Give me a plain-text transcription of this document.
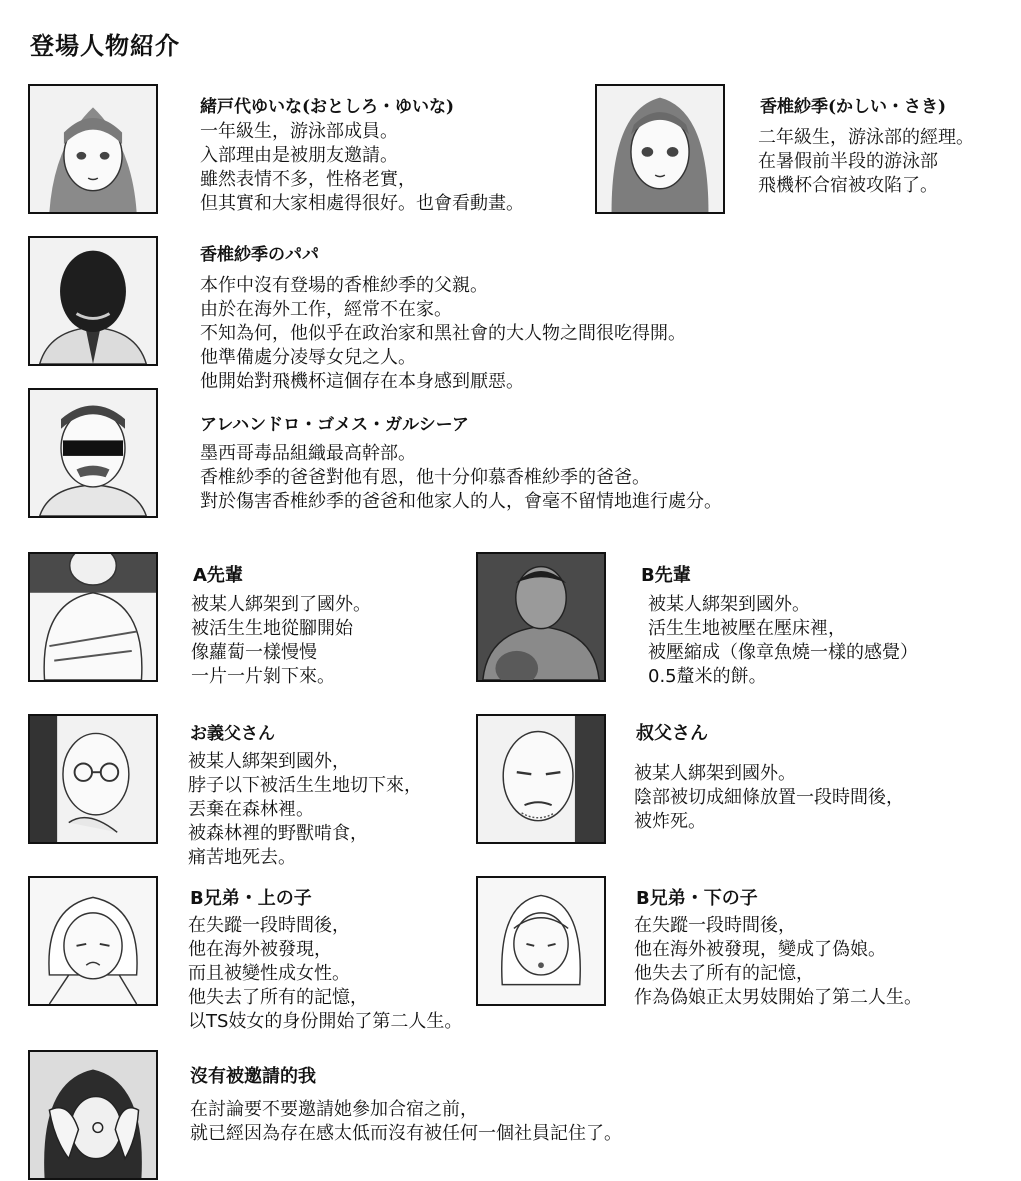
登場人物紹介
緒戸代ゆいな(おとしろ・ゆいな)
一年級生，游泳部成員。
入部理由是被朋友邀請。
雖然表情不多，性格老實，
但其實和大家相處得很好。也會看動畫。
香椎紗季(かしい・さき)
二年級生，游泳部的經理。
在暑假前半段的游泳部
飛機杯合宿被攻陷了。
香椎紗季のパパ
本作中沒有登場的香椎紗季的父親。
由於在海外工作，經常不在家。
不知為何，他似乎在政治家和黑社會的大人物之間很吃得開。
他準備處分凌辱女兒之人。
他開始對飛機杯這個存在本身感到厭惡。
アレハンドロ・ゴメス・ガルシーア
墨西哥毒品組織最高幹部。
香椎紗季的爸爸對他有恩，他十分仰慕香椎紗季的爸爸。
對於傷害香椎紗季的爸爸和他家人的人，會毫不留情地進行處分。
A先輩
被某人綁架到了國外。
被活生生地從腳開始
像蘿蔔一樣慢慢
一片一片剝下來。
B先輩
被某人綁架到國外。
活生生地被壓在壓床裡，
被壓縮成（像章魚燒一樣的感覺）
0.5釐米的餅。
お義父さん
被某人綁架到國外，
脖子以下被活生生地切下來，
丟棄在森林裡。
被森林裡的野獸啃食，
痛苦地死去。
叔父さん
被某人綁架到國外。
陰部被切成細條放置一段時間後，
被炸死。
B兄弟・上の子
在失蹤一段時間後，
他在海外被發現，
而且被變性成女性。
他失去了所有的記憶，
以TS妓女的身份開始了第二人生。
B兄弟・下の子
在失蹤一段時間後，
他在海外被發現，變成了偽娘。
他失去了所有的記憶，
作為偽娘正太男妓開始了第二人生。
沒有被邀請的我
在討論要不要邀請她參加合宿之前，
就已經因為存在感太低而沒有被任何一個社員記住了。
